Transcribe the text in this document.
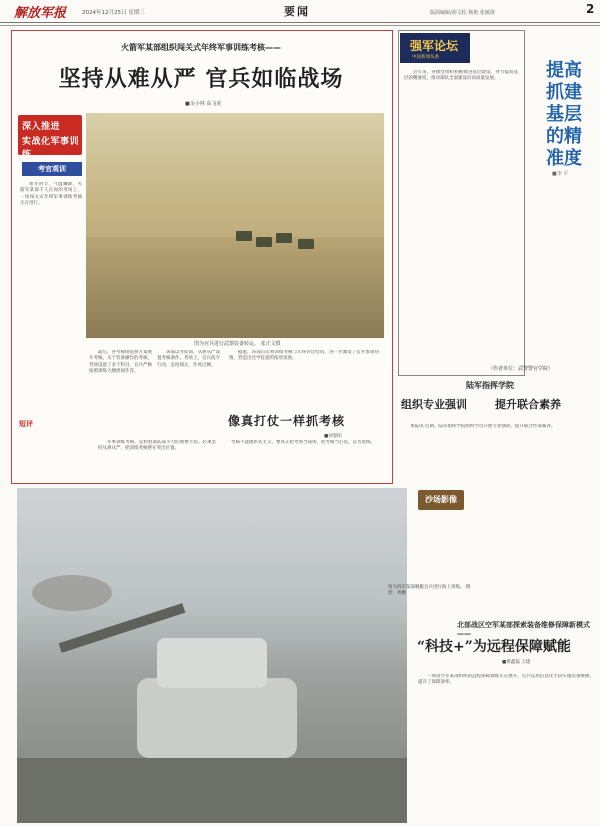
解放军报	2024年12月25日 星期三	要闻	版面编辑/胡文松 杨艳 张敏倩	2
火箭军某部组织闯关式年终军事训练考核——
坚持从难从严 官兵如临战场
■余小林 高飞虎
深入推进
实战化军事训练
考官观训
图为官兵进行武器装备转运。 张正文摄

寒冬时节，气温骤降，火箭军某部千人在岗的考场上，一场闯关式年终军事训练考核正在进行。

最后，各考核组依照方案展开考核。关于装备操作的考核，考场设置了多个科目，官兵严格按照训练大纲逐项作答。

该部以考促训，从难从严设置考核条件。考场上，官兵依令行动，态度端正，作风过硬。

据悉，该部首次将训练考核与年终评比挂钩，进一步激发了官兵参训热情，营造出比学赶超的浓厚氛围。

短评	像真打仗一样抓考核
■刘春阳

军事训练考核，是检验部队战斗力的重要手段。必须坚持从难从严，把训练考核摆在突出位置。

考核不能搞形式主义，要真正把考场当战场，把考核当打仗，以考促练。

强军论坛
中国新闻头条

近年来，各级党组织积极推进基层建设，努力提高基层的精准度，推动部队全面建设向高质量发展。	提高抓建基层的精准度
■李 平
（作者单位：武警警官学院）
陆军指挥学院
组织专业强训	提升联合素养

本报讯 近期，陆军指挥学院组织学员开展专业强训，提升联合作战素养。

沙场影像
图为海军某部舰艇官兵进行海上训练。 摄影：黄鹏
北部战区空军某部探索装备维修保障新模式——
“科技+”为远程保障赋能
■黄鑫磊 王建

一场由空军某部组织的远程保障演练正在展开，官兵运用信息化手段实施装备维修，提升了保障效率。
